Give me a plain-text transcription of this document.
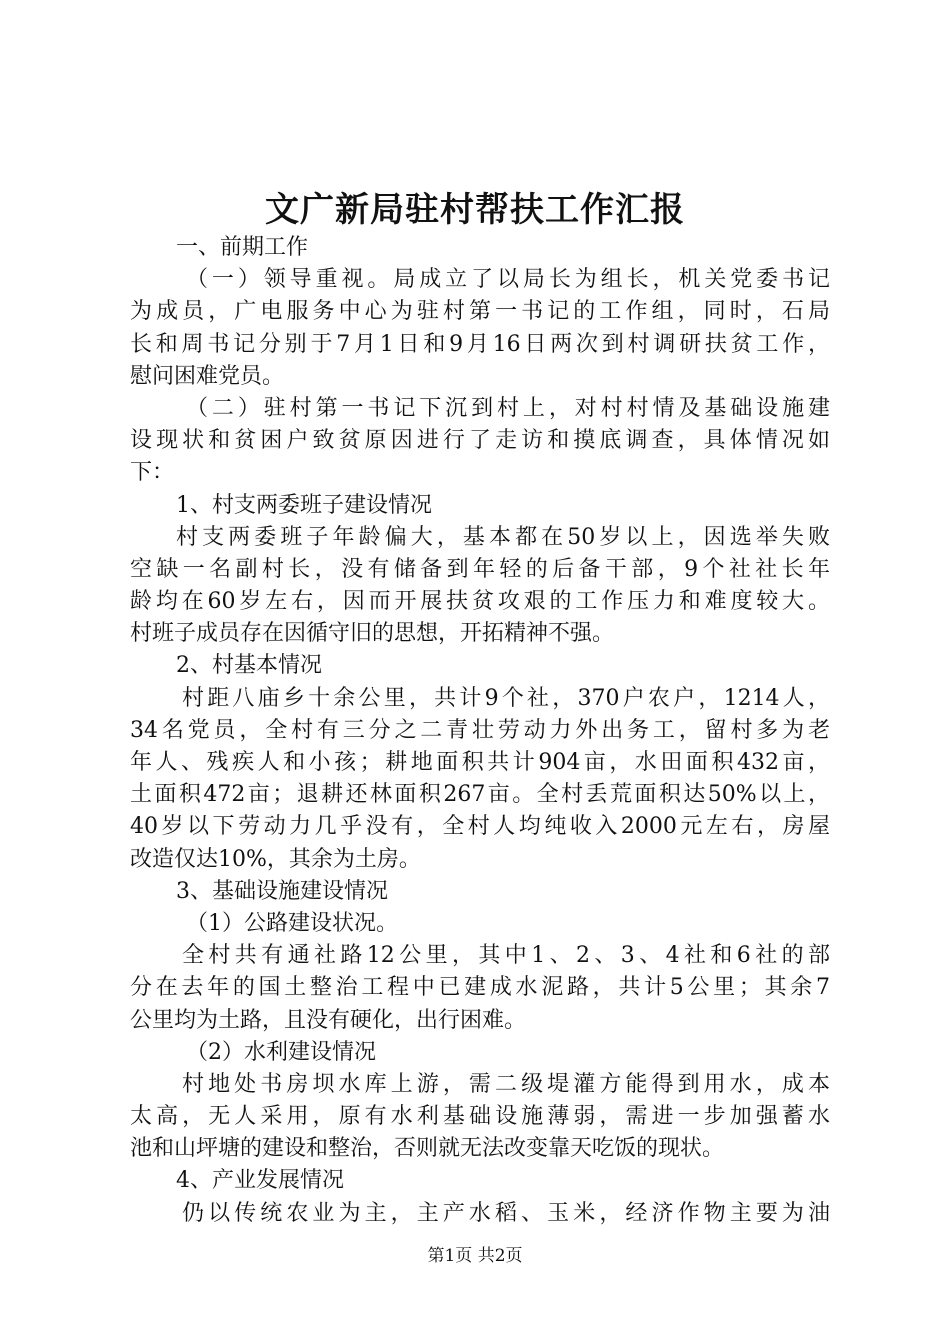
文广新局驻村帮扶工作汇报
一、前期工作
（一）领导重视。局成立了以局长为组长，机关党委书记
为成员，广电服务中心为驻村第一书记的工作组，同时，石局
长和周书记分别于7月1日和9月16日两次到村调研扶贫工作，
慰问困难党员。
（二）驻村第一书记下沉到村上，对村村情及基础设施建
设现状和贫困户致贫原因进行了走访和摸底调查，具体情况如
下：
1、村支两委班子建设情况
村支两委班子年龄偏大，基本都在50岁以上，因选举失败
空缺一名副村长，没有储备到年轻的后备干部，9个社社长年
龄均在60岁左右，因而开展扶贫攻艰的工作压力和难度较大。
村班子成员存在因循守旧的思想，开拓精神不强。
2、村基本情况
村距八庙乡十余公里，共计9个社，370户农户，1214人，
34名党员，全村有三分之二青壮劳动力外出务工，留村多为老
年人、残疾人和小孩；耕地面积共计904亩，水田面积432亩，
土面积472亩；退耕还林面积267亩。全村丢荒面积达50%以上，
40岁以下劳动力几乎没有，全村人均纯收入2000元左右，房屋
改造仅达10%，其余为土房。
3、基础设施建设情况
（1）公路建设状况。
全村共有通社路12公里，其中1、2、3、4社和6社的部
分在去年的国土整治工程中已建成水泥路，共计5公里；其余7
公里均为土路，且没有硬化，出行困难。
（2）水利建设情况
村地处书房坝水库上游，需二级堤灌方能得到用水，成本
太高，无人采用，原有水利基础设施薄弱，需进一步加强蓄水
池和山坪塘的建设和整治，否则就无法改变靠天吃饭的现状。
4、产业发展情况
仍以传统农业为主，主产水稻、玉米，经济作物主要为油
第1页 共2页
